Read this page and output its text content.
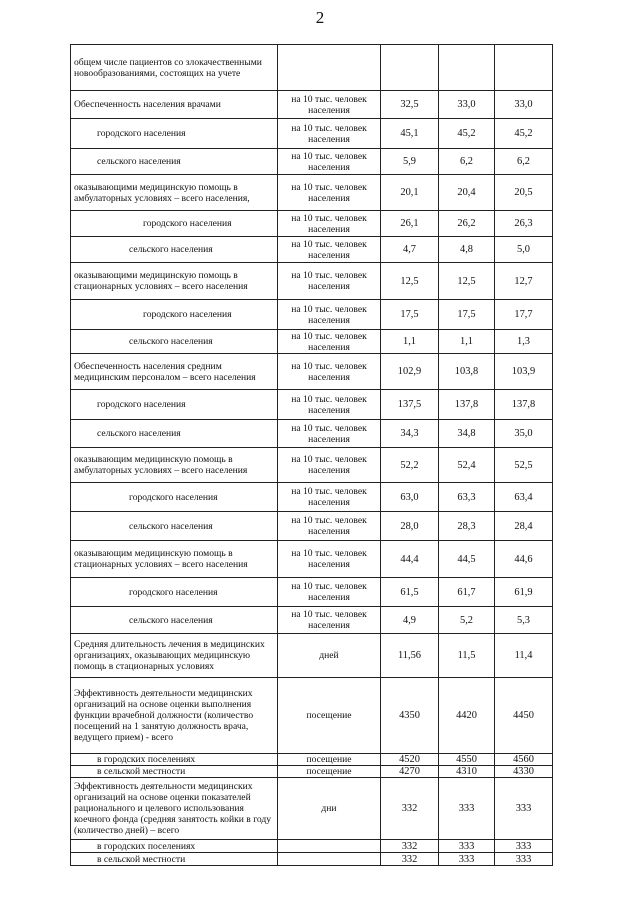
2
общем числе пациентов со злокачественными новообразованиями, состоящих на учете				
Обеспеченность населения врачами	на 10 тыс. человек населения	32,5	33,0	33,0
городского населения	на 10 тыс. человек населения	45,1	45,2	45,2
сельского населения	на 10 тыс. человек населения	5,9	6,2	6,2
оказывающими медицинскую помощь в амбулаторных условиях – всего населения,	на 10 тыс. человек населения	20,1	20,4	20,5
городского населения	на 10 тыс. человек населения	26,1	26,2	26,3
сельского населения	на 10 тыс. человек населения	4,7	4,8	5,0
оказывающими медицинскую помощь в стационарных условиях – всего населения	на 10 тыс. человек населения	12,5	12,5	12,7
городского населения	на 10 тыс. человек населения	17,5	17,5	17,7
сельского населения	на 10 тыс. человек населения	1,1	1,1	1,3
Обеспеченность населения средним медицинским персоналом – всего населения	на 10 тыс. человек населения	102,9	103,8	103,9
городского населения	на 10 тыс. человек населения	137,5	137,8	137,8
сельского населения	на 10 тыс. человек населения	34,3	34,8	35,0
оказывающим медицинскую помощь в амбулаторных условиях – всего населения	на 10 тыс. человек населения	52,2	52,4	52,5
городского населения	на 10 тыс. человек населения	63,0	63,3	63,4
сельского населения	на 10 тыс. человек населения	28,0	28,3	28,4
оказывающим медицинскую помощь в стационарных условиях – всего населения	на 10 тыс. человек населения	44,4	44,5	44,6
городского населения	на 10 тыс. человек населения	61,5	61,7	61,9
сельского населения	на 10 тыс. человек населения	4,9	5,2	5,3
Средняя длительность лечения в медицинских организациях, оказывающих медицинскую помощь в стационарных условиях	дней	11,56	11,5	11,4
Эффективность деятельности медицинских организаций на основе оценки выполнения функции врачебной должности (количество посещений на 1 занятую должность врача, ведущего прием) - всего	посещение	4350	4420	4450
в городских поселениях	посещение	4520	4550	4560
в сельской местности	посещение	4270	4310	4330
Эффективность деятельности медицинских организаций на основе оценки показателей рационального и целевого использования коечного фонда (средняя занятость койки в году (количество дней) – всего	дни	332	333	333
в городских поселениях		332	333	333
в сельской местности		332	333	333
